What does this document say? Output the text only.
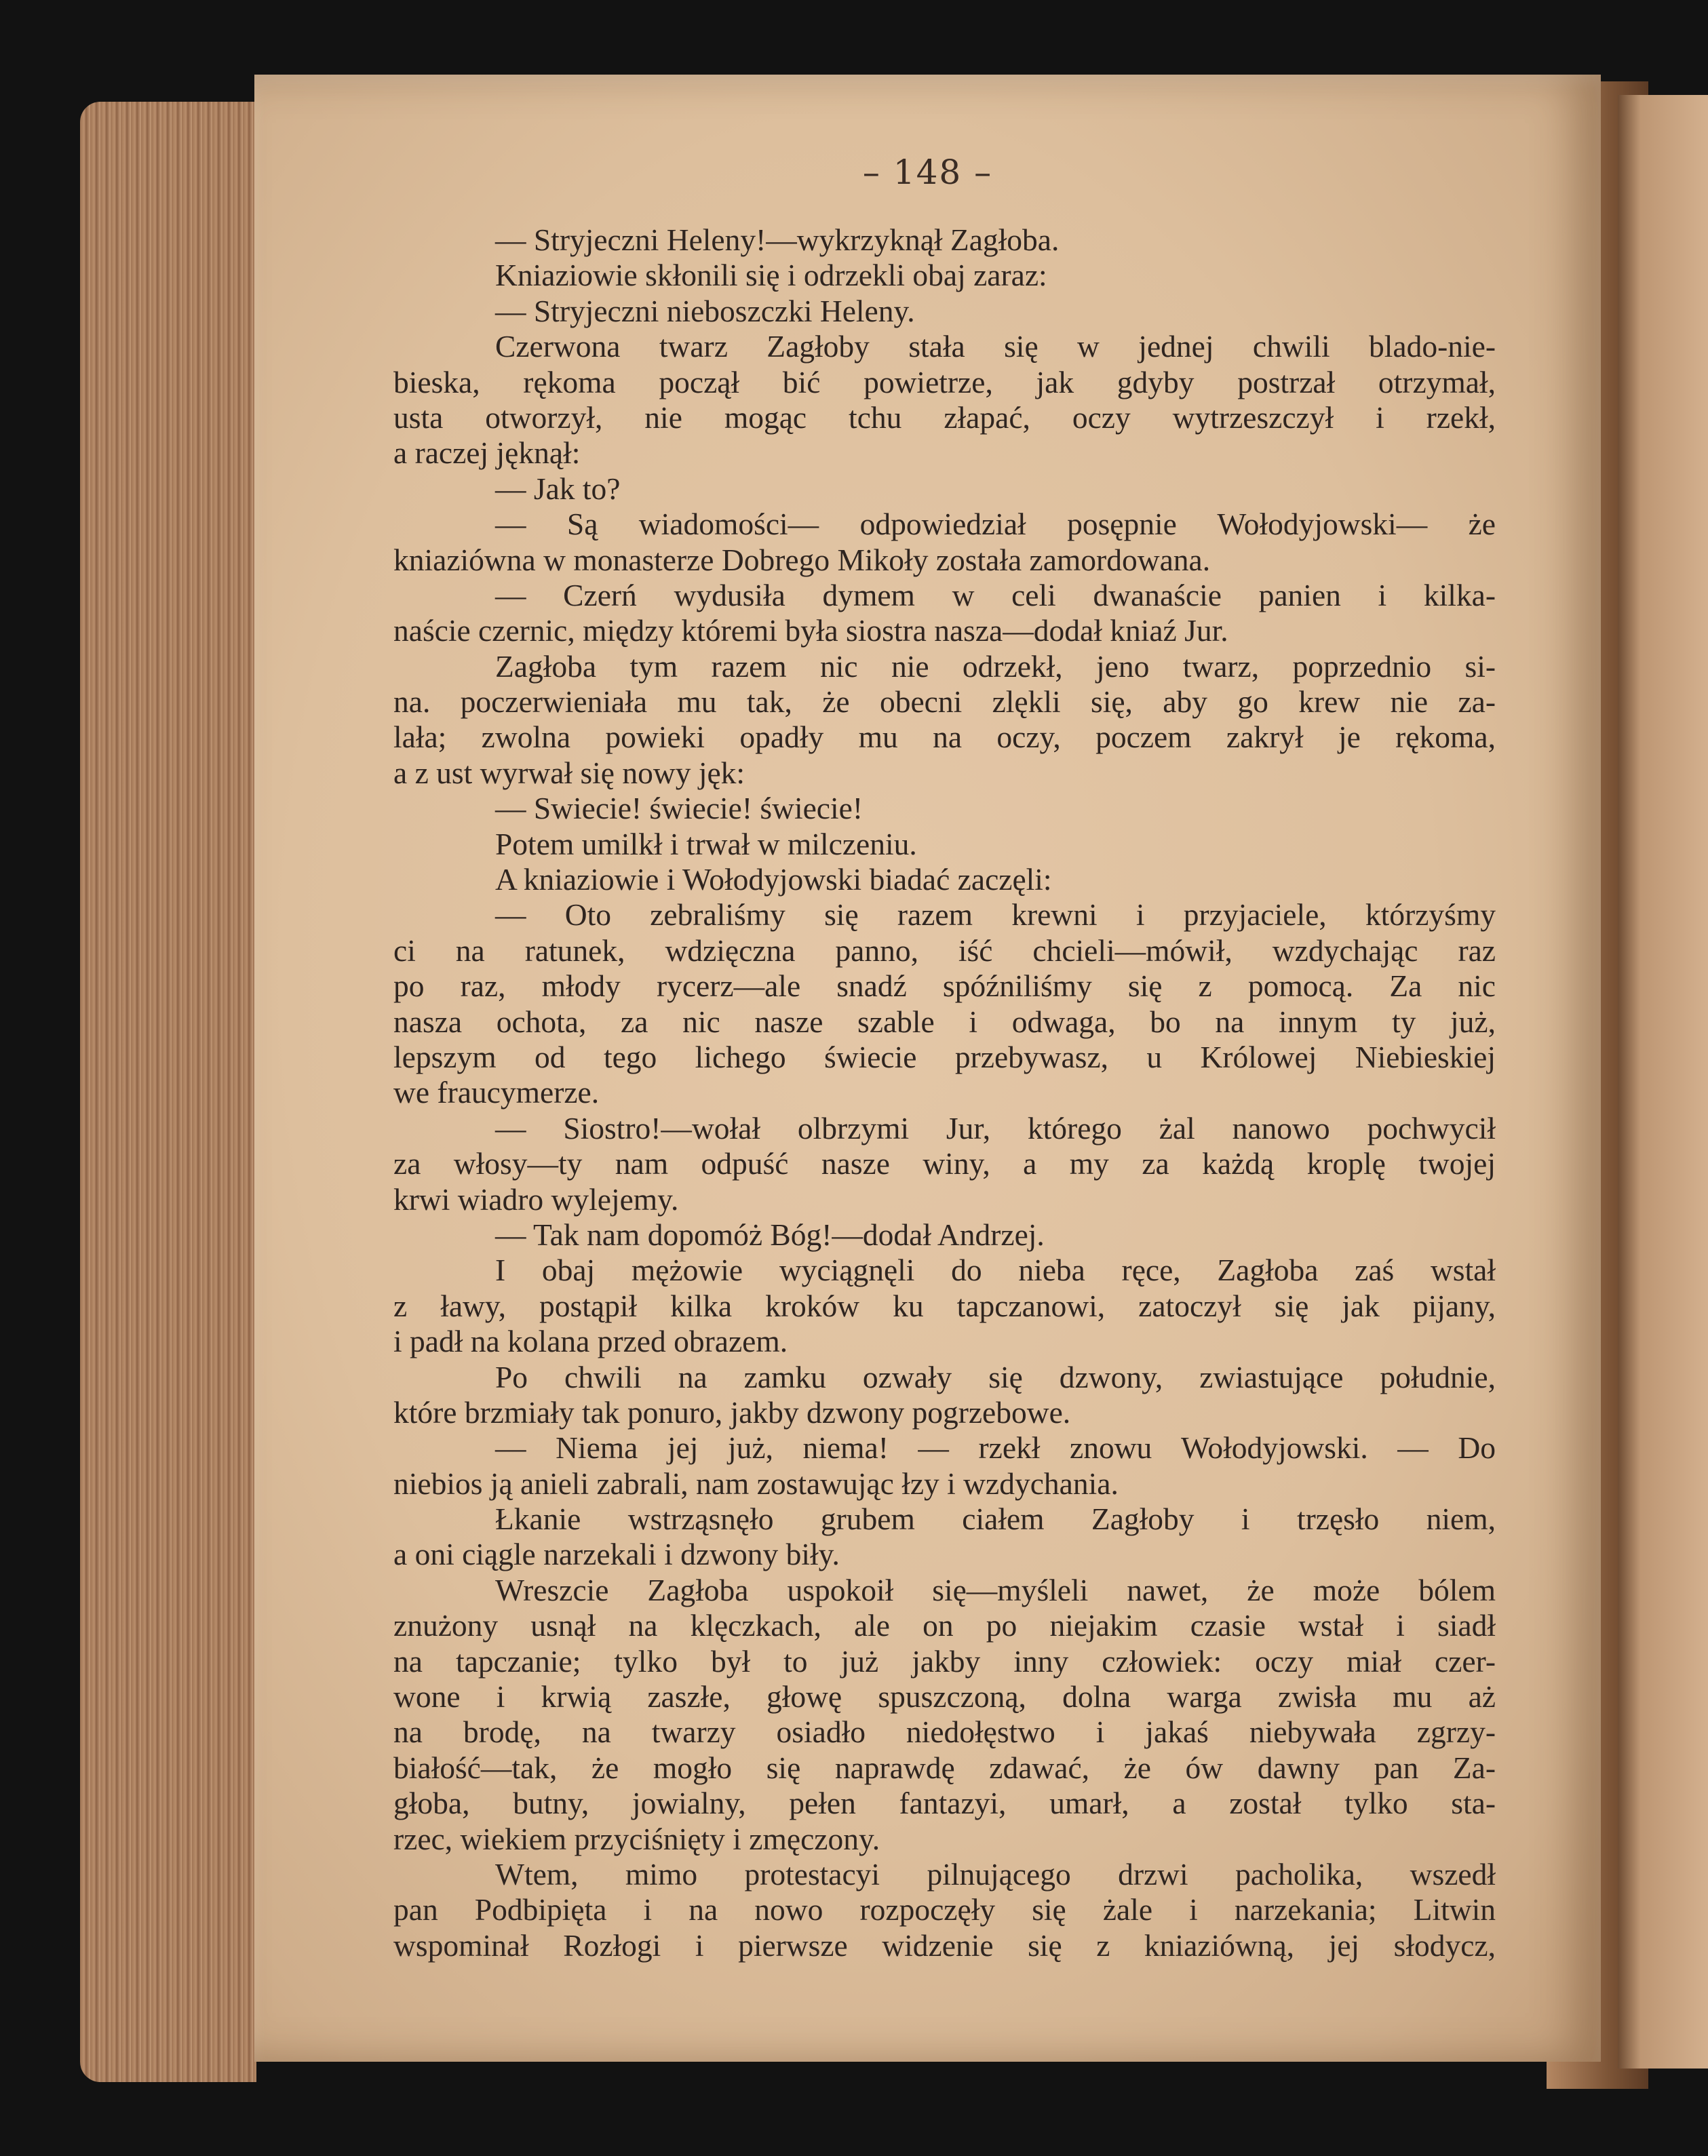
– 148 –
— Stryjeczni Heleny!—wykrzyknął Zagłoba.
Kniaziowie skłonili się i odrzekli obaj zaraz:
— Stryjeczni nieboszczki Heleny.
Czerwona twarz Zagłoby stała się w jednej chwili blado-nie-
bieska, rękoma począł bić powietrze, jak gdyby postrzał otrzymał,
usta otworzył, nie mogąc tchu złapać, oczy wytrzeszczył i rzekł,
a raczej jęknął:
— Jak to?
— Są wiadomości— odpowiedział posępnie Wołodyjowski— że
kniaziówna w monasterze Dobrego Mikoły została zamordowana.
— Czerń wydusiła dymem w celi dwanaście panien i kilka-
naście czernic, między któremi była siostra nasza—dodał kniaź Jur.
Zagłoba tym razem nic nie odrzekł, jeno twarz, poprzednio si-
na. poczerwieniała mu tak, że obecni zlękli się, aby go krew nie za-
lała; zwolna powieki opadły mu na oczy, poczem zakrył je rękoma,
a z ust wyrwał się nowy jęk:
— Swiecie! świecie! świecie!
Potem umilkł i trwał w milczeniu.
A kniaziowie i Wołodyjowski biadać zaczęli:
— Oto zebraliśmy się razem krewni i przyjaciele, którzyśmy
ci na ratunek, wdzięczna panno, iść chcieli—mówił, wzdychając raz
po raz, młody rycerz—ale snadź spóźniliśmy się z pomocą. Za nic
nasza ochota, za nic nasze szable i odwaga, bo na innym ty już,
lepszym od tego lichego świecie przebywasz, u Królowej Niebieskiej
we fraucymerze.
— Siostro!—wołał olbrzymi Jur, którego żal nanowo pochwycił
za włosy—ty nam odpuść nasze winy, a my za każdą kroplę twojej
krwi wiadro wylejemy.
— Tak nam dopomóż Bóg!—dodał Andrzej.
I obaj mężowie wyciągnęli do nieba ręce, Zagłoba zaś wstał
z ławy, postąpił kilka kroków ku tapczanowi, zatoczył się jak pijany,
i padł na kolana przed obrazem.
Po chwili na zamku ozwały się dzwony, zwiastujące południe,
które brzmiały tak ponuro, jakby dzwony pogrzebowe.
— Niema jej już, niema! — rzekł znowu Wołodyjowski. — Do
niebios ją anieli zabrali, nam zostawując łzy i wzdychania.
Łkanie wstrząsnęło grubem ciałem Zagłoby i trzęsło niem,
a oni ciągle narzekali i dzwony biły.
Wreszcie Zagłoba uspokoił się—myśleli nawet, że może bólem
znużony usnął na klęczkach, ale on po niejakim czasie wstał i siadł
na tapczanie; tylko był to już jakby inny człowiek: oczy miał czer-
wone i krwią zaszłe, głowę spuszczoną, dolna warga zwisła mu aż
na brodę, na twarzy osiadło niedołęstwo i jakaś niebywała zgrzy-
białość—tak, że mogło się naprawdę zdawać, że ów dawny pan Za-
głoba, butny, jowialny, pełen fantazyi, umarł, a został tylko sta-
rzec, wiekiem przyciśnięty i zmęczony.
Wtem, mimo protestacyi pilnującego drzwi pacholika, wszedł
pan Podbipięta i na nowo rozpoczęły się żale i narzekania; Litwin
wspominał Rozłogi i pierwsze widzenie się z kniaziówną, jej słodycz,
